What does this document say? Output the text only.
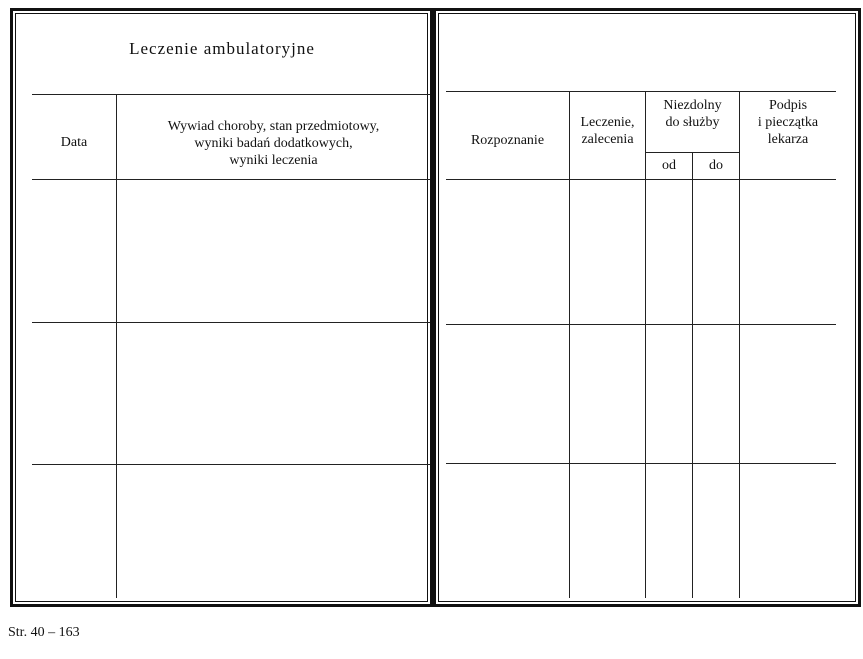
Leczenie ambulatoryjne
Data
Wywiad choroby, stan przedmiotowy,
wyniki badań dodatkowych,
wyniki leczenia
Rozpoznanie
Leczenie,
zalecenia
Niezdolny
do służby
od	do
Podpis
i pieczątka
lekarza
Str. 40 – 163
